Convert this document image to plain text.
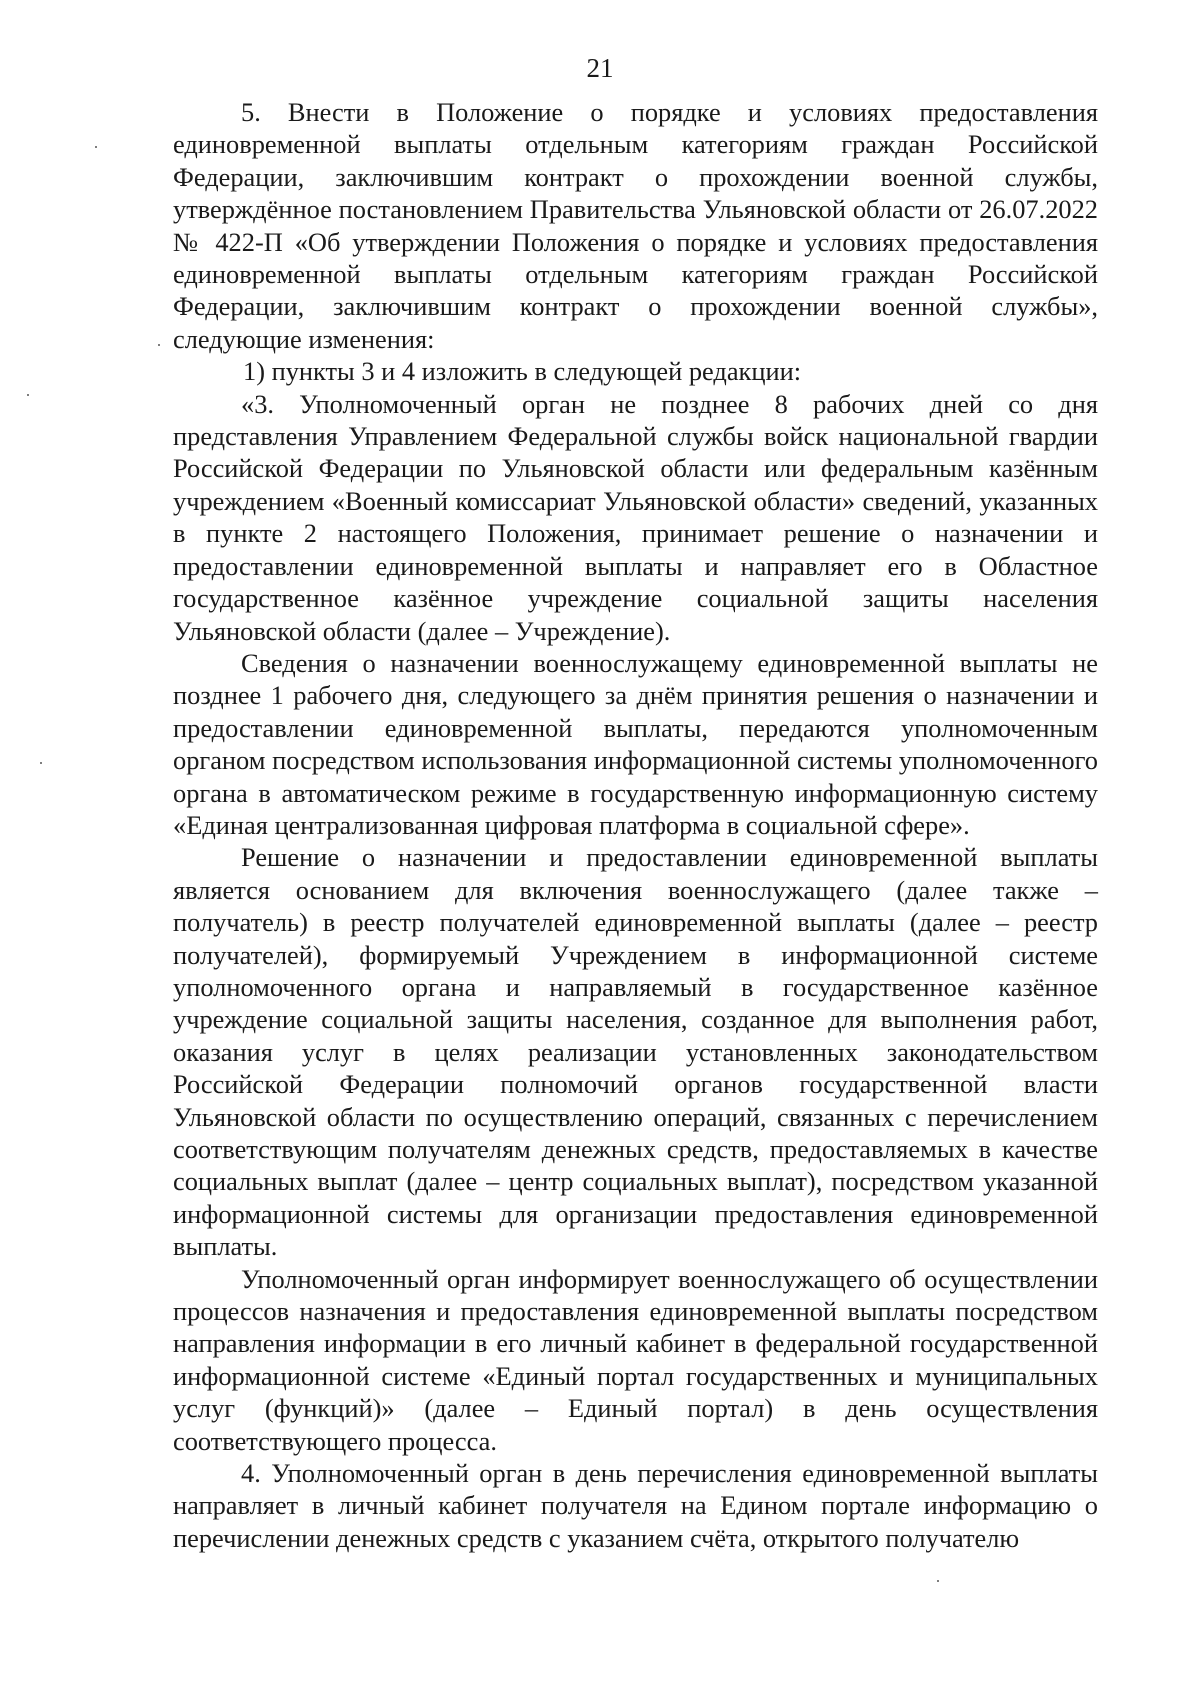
21

5. Внести в Положение о порядке и условиях предоставления единовременной выплаты отдельным категориям граждан Российской Федерации, заключившим контракт о прохождении военной службы, утверждённое постановлением Правительства Ульяновской области от 26.07.2022 № 422-П «Об утверждении Положения о порядке и условиях предоставления единовременной выплаты отдельным категориям граждан Российской Федерации, заключившим контракт о прохождении военной службы», следующие изменения:

1) пункты 3 и 4 изложить в следующей редакции:

«3. Уполномоченный орган не позднее 8 рабочих дней со дня представления Управлением Федеральной службы войск национальной гвардии Российской Федерации по Ульяновской области или федеральным казённым учреждением «Военный комиссариат Ульяновской области» сведений, указанных в пункте 2 настоящего Положения, принимает решение о назначении и предоставлении единовременной выплаты и направляет его в Областное государственное казённое учреждение социальной защиты населения Ульяновской области (далее – Учреждение).

Сведения о назначении военнослужащему единовременной выплаты не позднее 1 рабочего дня, следующего за днём принятия решения о назначении и предоставлении единовременной выплаты, передаются уполномоченным органом посредством использования информационной системы уполномоченного органа в автоматическом режиме в государственную информационную систему «Единая централизованная цифровая платформа в социальной сфере».

Решение о назначении и предоставлении единовременной выплаты является основанием для включения военнослужащего (далее также – получатель) в реестр получателей единовременной выплаты (далее – реестр получателей), формируемый Учреждением в информационной системе уполномоченного органа и направляемый в государственное казённое учреждение социальной защиты населения, созданное для выполнения работ, оказания услуг в целях реализации установленных законодательством Российской Федерации полномочий органов государственной власти Ульяновской области по осуществлению операций, связанных с перечислением соответствующим получателям денежных средств, предоставляемых в качестве социальных выплат (далее – центр социальных выплат), посредством указанной информационной системы для организации предоставления единовременной выплаты.

Уполномоченный орган информирует военнослужащего об осуществлении процессов назначения и предоставления единовременной выплаты посредством направления информации в его личный кабинет в федеральной государственной информационной системе «Единый портал государственных и муниципальных услуг (функций)» (далее – Единый портал) в день осуществления соответствующего процесса.

4. Уполномоченный орган в день перечисления единовременной выплаты направляет в личный кабинет получателя на Едином портале информацию о перечислении денежных средств с указанием счёта, открытого получателю
